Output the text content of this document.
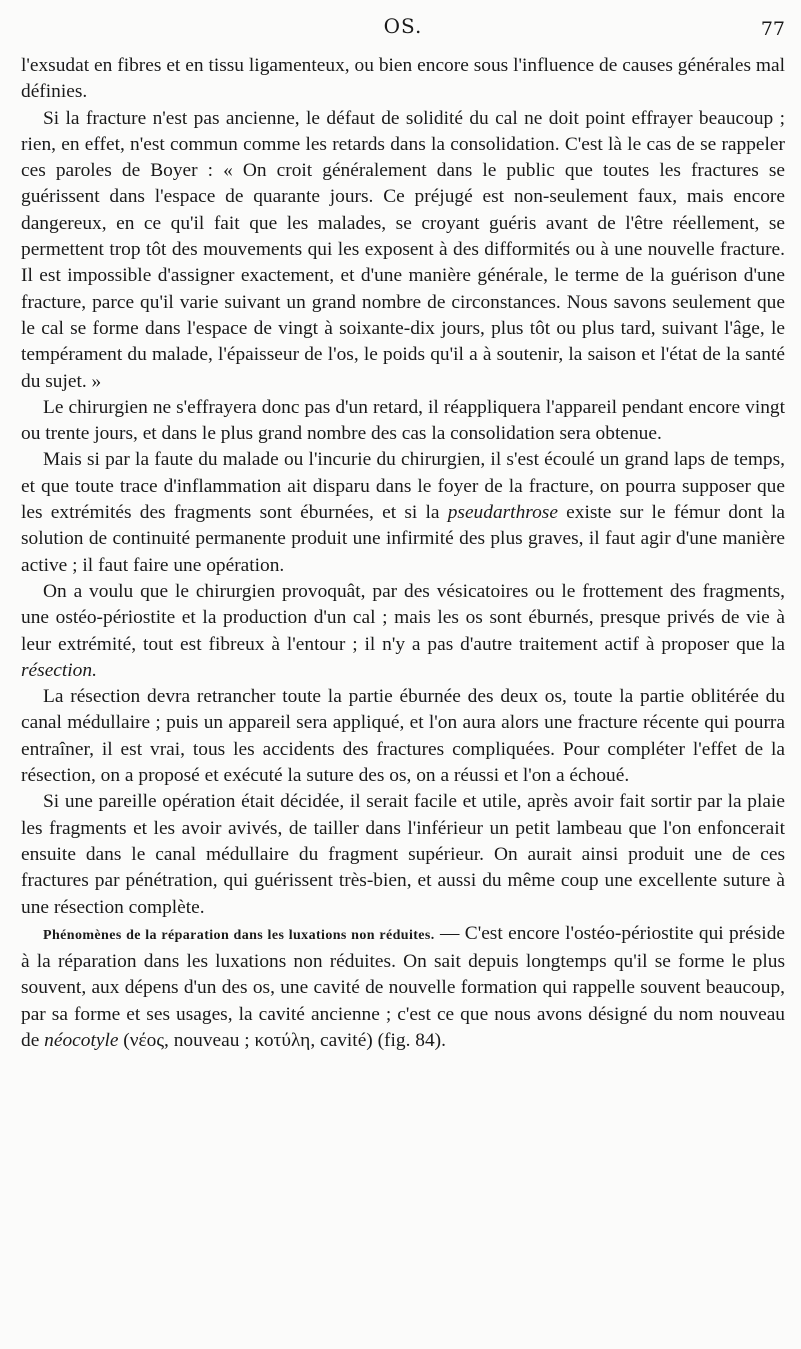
OS.	77

l'exsudat en fibres et en tissu ligamenteux, ou bien encore sous l'influence de causes générales mal définies.

Si la fracture n'est pas ancienne, le défaut de solidité du cal ne doit point effrayer beaucoup ; rien, en effet, n'est commun comme les retards dans la consolidation. C'est là le cas de se rappeler ces paroles de Boyer : « On croit généralement dans le public que toutes les fractures se guérissent dans l'espace de quarante jours. Ce préjugé est non-seulement faux, mais encore dangereux, en ce qu'il fait que les malades, se croyant guéris avant de l'être réellement, se permettent trop tôt des mouvements qui les exposent à des difformités ou à une nouvelle fracture. Il est impossible d'assigner exactement, et d'une manière générale, le terme de la guérison d'une fracture, parce qu'il varie suivant un grand nombre de circonstances. Nous savons seulement que le cal se forme dans l'espace de vingt à soixante-dix jours, plus tôt ou plus tard, suivant l'âge, le tempérament du malade, l'épaisseur de l'os, le poids qu'il a à soutenir, la saison et l'état de la santé du sujet. »

Le chirurgien ne s'effrayera donc pas d'un retard, il réappliquera l'appareil pendant encore vingt ou trente jours, et dans le plus grand nombre des cas la consolidation sera obtenue.

Mais si par la faute du malade ou l'incurie du chirurgien, il s'est écoulé un grand laps de temps, et que toute trace d'inflammation ait disparu dans le foyer de la fracture, on pourra supposer que les extrémités des fragments sont éburnées, et si la pseudarthrose existe sur le fémur dont la solution de continuité permanente produit une infirmité des plus graves, il faut agir d'une manière active ; il faut faire une opération.

On a voulu que le chirurgien provoquât, par des vésicatoires ou le frottement des fragments, une ostéo-périostite et la production d'un cal ; mais les os sont éburnés, presque privés de vie à leur extrémité, tout est fibreux à l'entour ; il n'y a pas d'autre traitement actif à proposer que la résection.

La résection devra retrancher toute la partie éburnée des deux os, toute la partie oblitérée du canal médullaire ; puis un appareil sera appliqué, et l'on aura alors une fracture récente qui pourra entraîner, il est vrai, tous les accidents des fractures compliquées. Pour compléter l'effet de la résection, on a proposé et exécuté la suture des os, on a réussi et l'on a échoué.

Si une pareille opération était décidée, il serait facile et utile, après avoir fait sortir par la plaie les fragments et les avoir avivés, de tailler dans l'inférieur un petit lambeau que l'on enfoncerait ensuite dans le canal médullaire du fragment supérieur. On aurait ainsi produit une de ces fractures par pénétration, qui guérissent très-bien, et aussi du même coup une excellente suture à une résection complète.

Phénomènes de la réparation dans les luxations non réduites. — C'est encore l'ostéo-périostite qui préside à la réparation dans les luxations non réduites. On sait depuis longtemps qu'il se forme le plus souvent, aux dépens d'un des os, une cavité de nouvelle formation qui rappelle souvent beaucoup, par sa forme et ses usages, la cavité ancienne ; c'est ce que nous avons désigné du nom nouveau de néocotyle (νέος, nouveau ; κοτύλη, cavité) (fig. 84).
